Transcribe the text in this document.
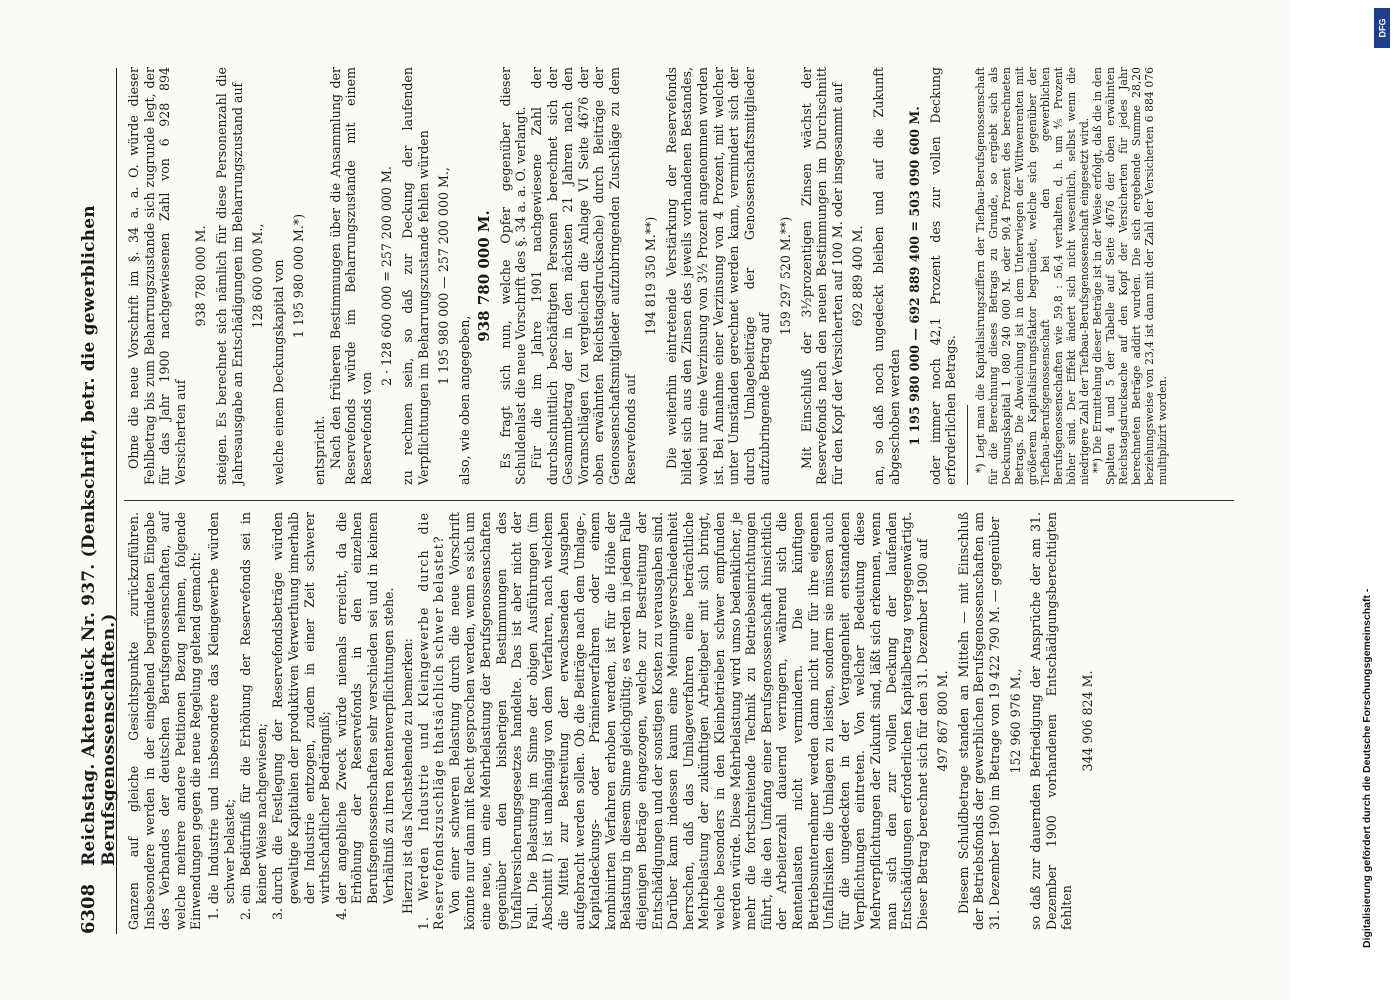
6308
Reichstag. Aktenstück Nr. 937. (Denkschrift, betr. die gewerblichen Berufsgenossenschaften.) Ganzen auf gleiche Gesichtspunkte zurückzuführen. Insbesondere werden in der eingehend begründeten Eingabe des Verbandes der deutschen Berufsgenossenschaften, auf welche mehrere andere Petitionen Bezug nehmen, folgende Einwendungen gegen die neue Regelung geltend gemacht: 1. die Industrie und insbesondere das Kleingewerbe würden schwer belastet; 2. ein Bedürfniß für die Erhöhung der Reservefonds sei in keiner Weise nachgewiesen; 3. durch die Festlegung der Reservefondsbeträge würden gewaltige Kapitalien der produktiven Verwerthung innerhalb der Industrie entzogen, zudem in einer Zeit schwerer wirthschaftlicher Bedrängniß; 4. der angebliche Zweck würde niemals erreicht, da die Erhöhung der Reservefonds in den einzelnen Berufsgenossenschaften sehr verschieden sei und in keinem Verhältniß zu ihren Rentenverpflichtungen stehe. Hierzu ist das Nachstehende zu bemerken: 1. Werden Industrie und Kleingewerbe durch die Reservefondszuschläge thatsächlich schwer belastet? Von einer schweren Belastung durch die neue Vorschrift könnte nur dann mit Recht gesprochen werden, wenn es sich um eine neue, um eine Mehrbelastung der Berufsgenossenschaften gegenüber den bisherigen Bestimmungen des Unfallversicherungsgesetzes handelte. Das ist aber nicht der Fall. Die Belastung im Sinne der obigen Ausführungen (im Abschnitt I) ist unabhängig von dem Verfahren, nach welchem die Mittel zur Bestreitung der erwachsenden Ausgaben aufgebracht werden sollen. Ob die Beiträge nach dem Umlage-, Kapitaldeckungs- oder Prämienverfahren oder einem kombinirten Verfahren erhoben werden, ist für die Höhe der Belastung in diesem Sinne gleichgültig; es werden in jedem Falle diejenigen Beträge eingezogen, welche zur Bestreitung der Entschädigungen und der sonstigen Kosten zu verausgaben sind. Darüber kann indessen kaum eine Meinungsverschiedenheit herrschen, daß das Umlageverfahren eine beträchtliche Mehrbelastung der zukünftigen Arbeitgeber mit sich bringt, welche besonders in den Kleinbetrieben schwer empfunden werden würde. Diese Mehrbelastung wird umso bedenklicher, je mehr die fortschreitende Technik zu Betriebseinrichtungen führt, die den Umfang einer Berufsgenossenschaft hinsichtlich der Arbeiterzahl dauernd verringern, während sich die Rentenlasten nicht vermindern. Die künftigen Betriebsunternehmer werden dann nicht nur für ihre eigenen Unfallrisiken die Umlagen zu leisten, sondern sie müssen auch für die ungedeckten in der Vergangenheit entstandenen Verpflichtungen eintreten. Von welcher Bedeutung diese Mehrverpflichtungen der Zukunft sind, läßt sich erkennen, wenn man sich den zur vollen Deckung der laufenden Entschädigungen erforderlichen Kapitalbetrag vergegenwärtigt. Dieser Betrag berechnet sich für den 31. Dezember 1900 auf 497 867 800 M. Diesem Schuldbetrage standen an Mitteln — mit Einschluß der Betriebsfonds der gewerblichen Berufsgenossenschaften am 31. Dezember 1900 im Betrage von 19 422 790 M. — gegenüber 152 960 976 M., so daß zur dauernden Befriedigung der Ansprüche der am 31. Dezember 1900 vorhandenen Entschädigungsberechtigten fehlten

344 906 824 M.

Ohne die neue Vorschrift im §. 34 a. a. O. würde dieser Fehlbetrag bis zum Beharrungszustande sich zugrunde legt, der für das Jahr 1900 nachgewiesenen Zahl von 6 928 894 Versicherten auf

938 780 000 M. steigen. Es berechnet sich nämlich für diese Personenzahl die Jahresausgabe an Entschädigungen im Beharrungszustand auf 128 600 000 M., welche einem Deckungskapital von 1 195 980 000 M.*)

entspricht. Nach den früheren Bestimmungen über die Ansammlung der Reservefonds würde im Beharrungszustande mit einem Reservefonds von

2 · 128 600 000 = 257 200 000 M. zu rechnen sein, so daß zur Deckung der laufenden Verpflichtungen im Beharrungszustande fehlen würden 1 195 980 000 — 257 200 000 M.,

also, wie oben angegeben,

938 780 000 M. Es fragt sich nun, welche Opfer gegenüber dieser Schuldenlast die neue Vorschrift des §. 34 a. a. O. verlangt. Für die im Jahre 1901 nachgewiesene Zahl der durchschnittlich beschäftigten Personen berechnet sich der Gesammtbetrag der in den nächsten 21 Jahren nach den Voranschlägen (zu vergleichen die Anlage VI Seite 4676 der oben erwähnten Reichstagsdrucksache) durch Beiträge der Genossenschaftsmitglieder aufzubringenden Zuschläge zu dem Reservefonds auf

194 819 350 M.**) Die weiterhin eintretende Verstärkung der Reservefonds bildet sich aus den Zinsen des jeweils vorhandenen Bestandes, wobei nur eine Verzinsung von 3½ Prozent angenommen worden ist. Bei Annahme einer Verzinsung von 4 Prozent, mit welcher unter Umständen gerechnet werden kann, vermindert sich der durch Umlagebeiträge der Genossenschaftsmitglieder aufzubringende Betrag auf

159 297 520 M.**) Mit Einschluß der 3½prozentigen Zinsen wächst der Reservefonds nach den neuen Bestimmungen im Durchschnitt für den Kopf der Versicherten auf 100 M. oder insgesammt auf 692 889 400 M. an, so daß noch ungedeckt bleiben und auf die Zukunft abgeschoben werden 1 195 980 000 — 692 889 400 = 503 090 600 M. oder immer noch 42,1 Prozent des zur vollen Deckung erforderlichen Betrags. *) Legt man die Kapitalisirungsziffern der Tiefbau-Berufsgenossenschaft für die Berechnung dieses Betrags zu Grunde, so ergiebt sich als Deckungskapital 1 080 240 000 M. oder 90,4 Prozent des berechneten Betrags. Die Abweichung ist in dem Unterwiegen der Wittwenrenten mit größerem Kapitalisirungsfaktor begründet, welche sich gegenüber der Tiefbau-Berufsgenossenschaft bei den gewerblichen Berufsgenossenschaften wie 59,8 : 56,4 verhalten, d. h. um ⅘ Prozent höher sind. Der Effekt ändert sich nicht wesentlich, selbst wenn die niedrigere Zahl der Tiefbau-Berufsgenossenschaft eingesetzt wird. **) Die Ermittelung dieser Beträge ist in der Weise erfolgt, daß die in den Spalten 4 und 5 der Tabelle auf Seite 4676 der oben erwähnten Reichstagsdrucksache auf den Kopf der Versicherten für jedes Jahr berechneten Beträge addirt wurden. Die sich ergebende Summe 28,20 beziehungsweise von 23,4 ist dann mit der Zahl der Versicherten 6 884 076 multiplizirt worden.

DFG
Digitalisierung gefördert durch die Deutsche Forschungsgemeinschaft -
